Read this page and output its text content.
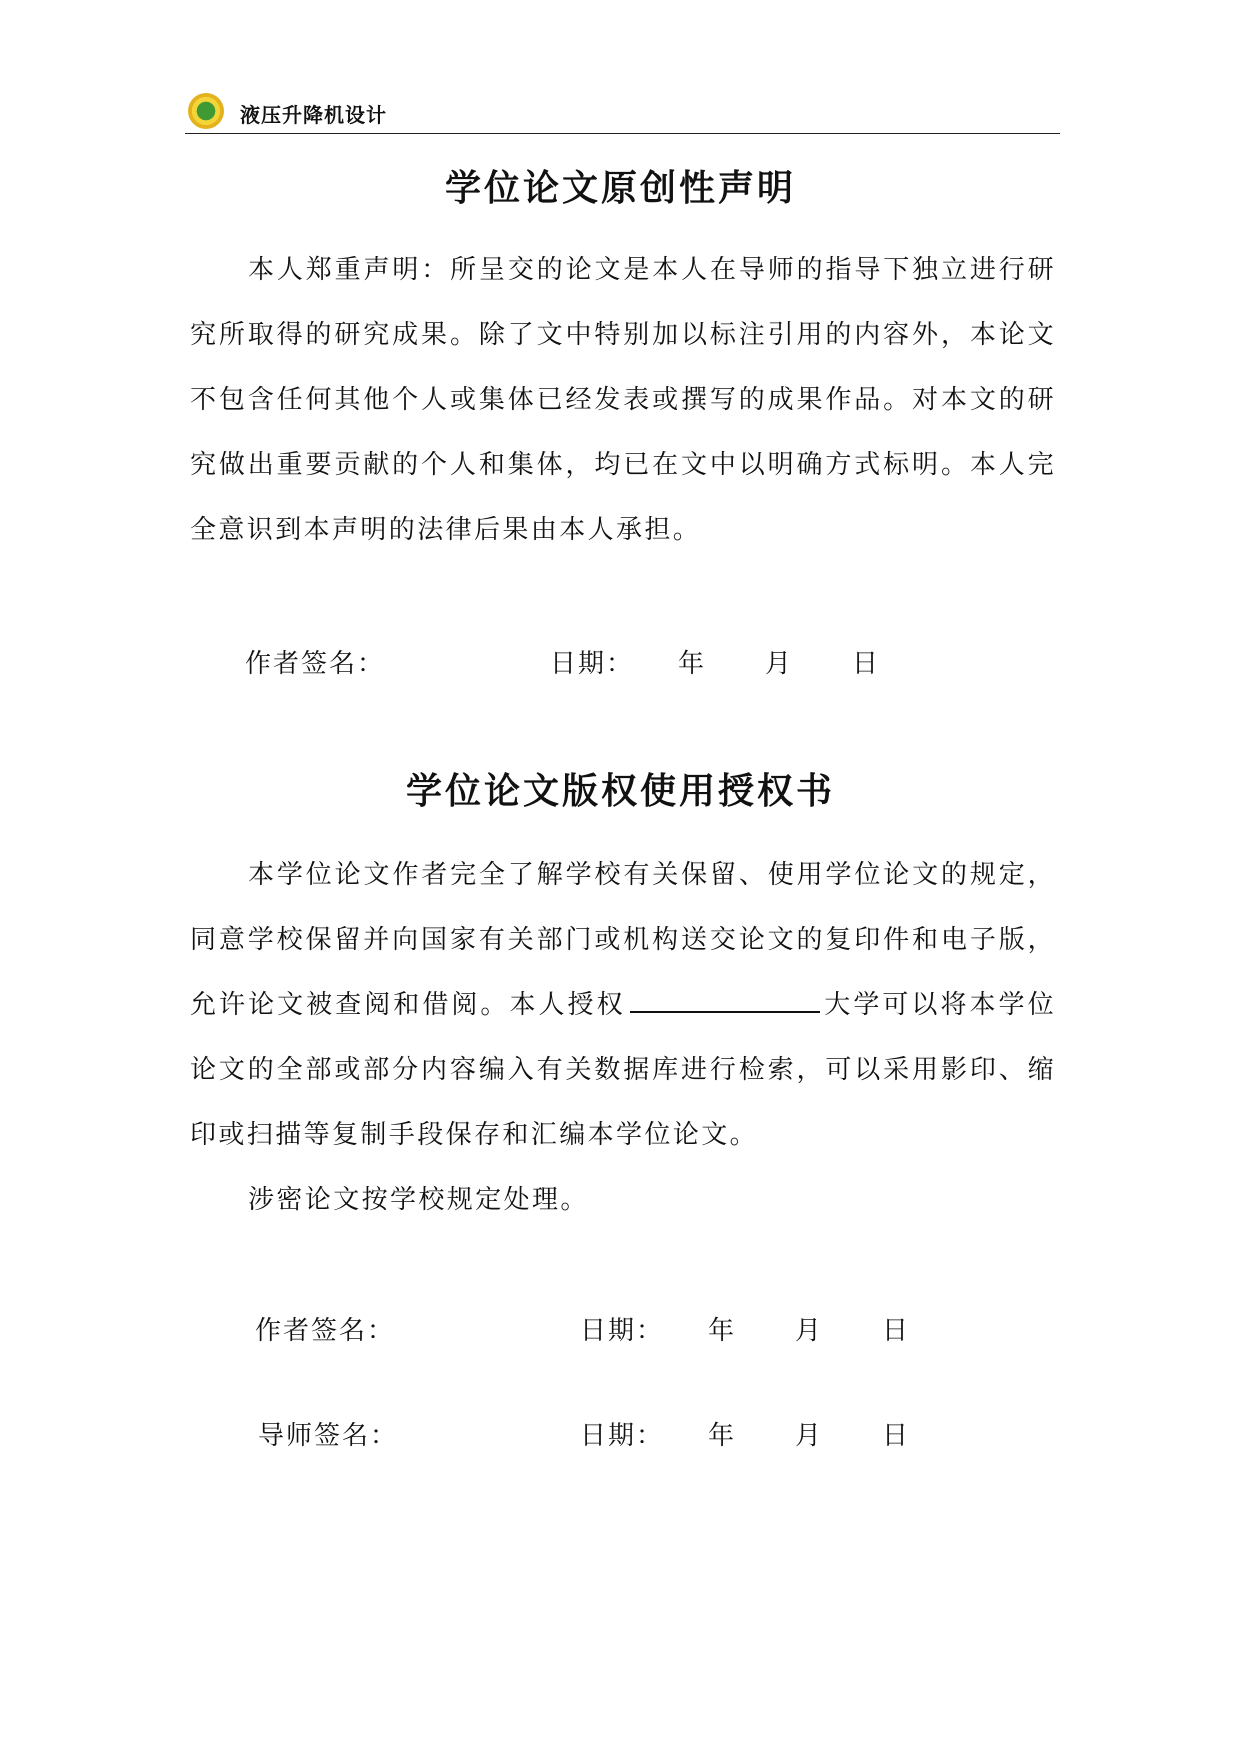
液压升降机设计
学位论文原创性声明
本人郑重声明：所呈交的论文是本人在导师的指导下独立进行研究所取得的研究成果。除了文中特别加以标注引用的内容外，本论文不包含任何其他个人或集体已经发表或撰写的成果作品。对本文的研究做出重要贡献的个人和集体，均已在文中以明确方式标明。本人完全意识到本声明的法律后果由本人承担。
作者签名：	日期： 年 月 日
学位论文版权使用授权书
本学位论文作者完全了解学校有关保留、使用学位论文的规定，同意学校保留并向国家有关部门或机构送交论文的复印件和电子版，允许论文被查阅和借阅。本人授权	大学可以将本学位论文的全部或部分内容编入有关数据库进行检索，可以采用影印、缩印或扫描等复制手段保存和汇编本学位论文。
涉密论文按学校规定处理。
作者签名：	日期： 年 月 日
导师签名：	日期： 年 月 日
